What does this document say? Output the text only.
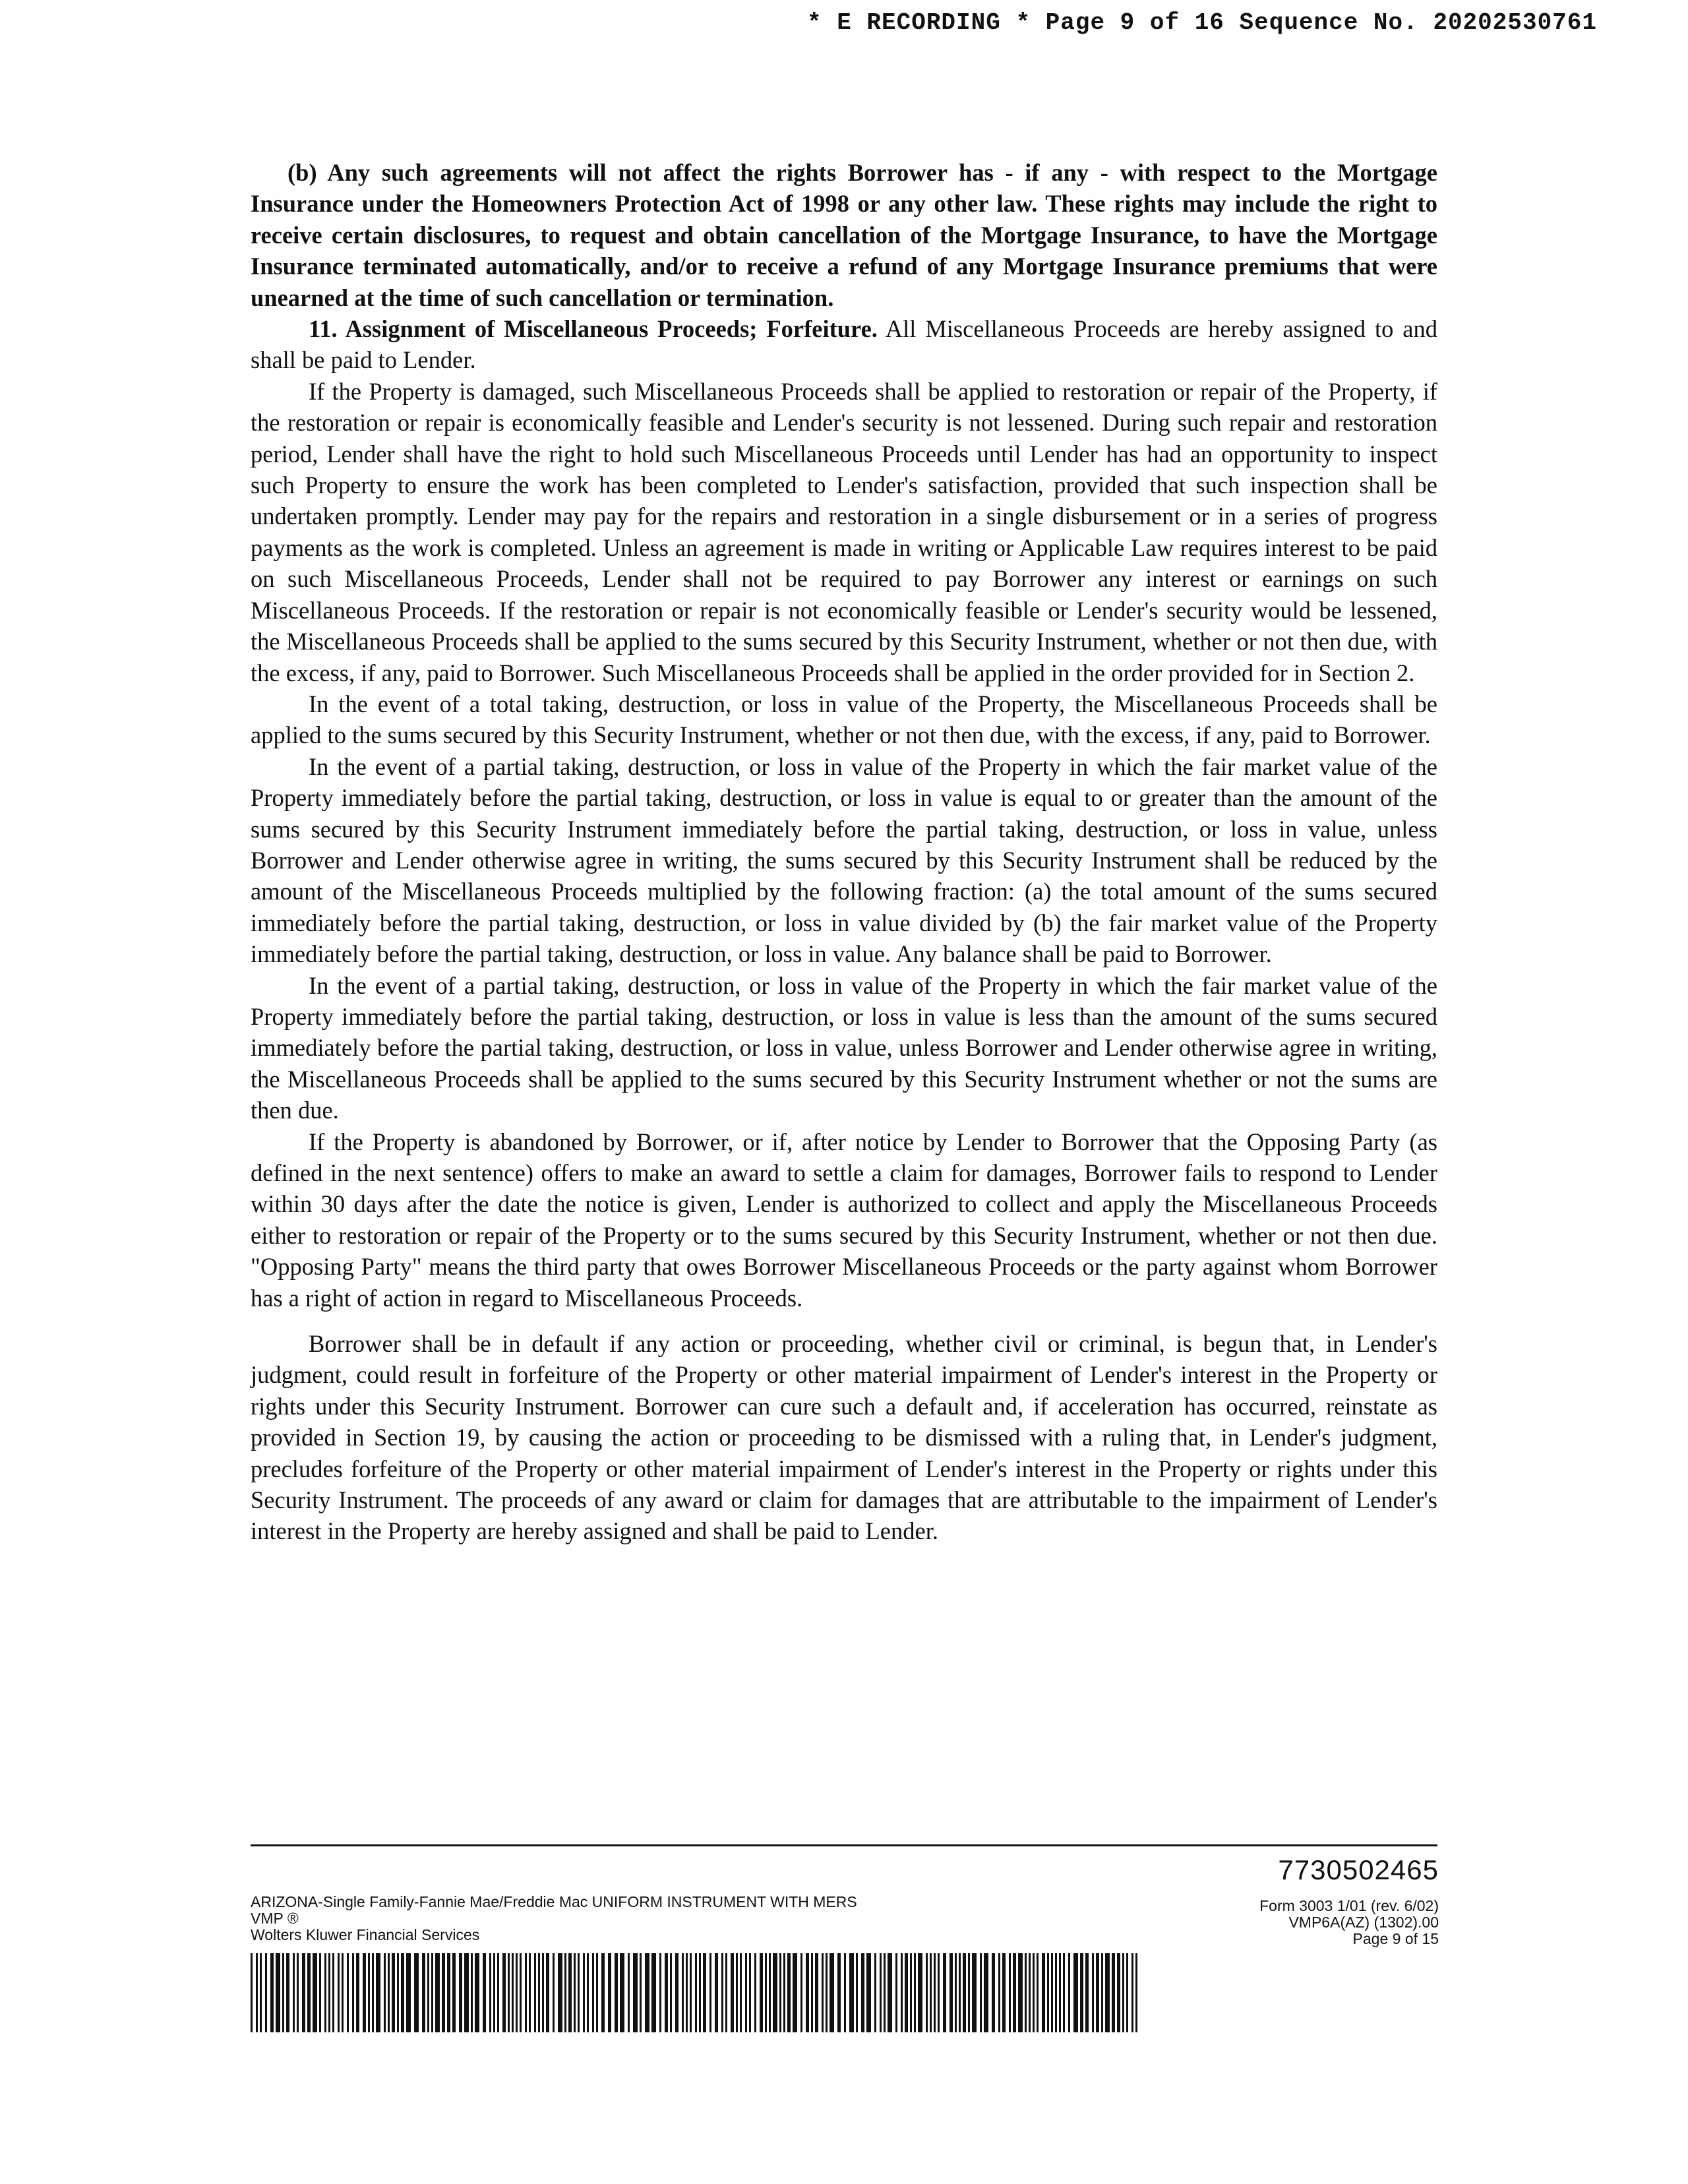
* E RECORDING * Page 9 of 16 Sequence No. 20202530761

(b) Any such agreements will not affect the rights Borrower has - if any - with respect to the Mortgage Insurance under the Homeowners Protection Act of 1998 or any other law. These rights may include the right to receive certain disclosures, to request and obtain cancellation of the Mortgage Insurance, to have the Mortgage Insurance terminated automatically, and/or to receive a refund of any Mortgage Insurance premiums that were unearned at the time of such cancellation or termination.

11. Assignment of Miscellaneous Proceeds; Forfeiture. All Miscellaneous Proceeds are hereby assigned to and shall be paid to Lender.

If the Property is damaged, such Miscellaneous Proceeds shall be applied to restoration or repair of the Property, if the restoration or repair is economically feasible and Lender's security is not lessened. During such repair and restoration period, Lender shall have the right to hold such Miscellaneous Proceeds until Lender has had an opportunity to inspect such Property to ensure the work has been completed to Lender's satisfaction, provided that such inspection shall be undertaken promptly. Lender may pay for the repairs and restoration in a single disbursement or in a series of progress payments as the work is completed. Unless an agreement is made in writing or Applicable Law requires interest to be paid on such Miscellaneous Proceeds, Lender shall not be required to pay Borrower any interest or earnings on such Miscellaneous Proceeds. If the restoration or repair is not economically feasible or Lender's security would be lessened, the Miscellaneous Proceeds shall be applied to the sums secured by this Security Instrument, whether or not then due, with the excess, if any, paid to Borrower. Such Miscellaneous Proceeds shall be applied in the order provided for in Section 2.

In the event of a total taking, destruction, or loss in value of the Property, the Miscellaneous Proceeds shall be applied to the sums secured by this Security Instrument, whether or not then due, with the excess, if any, paid to Borrower.

In the event of a partial taking, destruction, or loss in value of the Property in which the fair market value of the Property immediately before the partial taking, destruction, or loss in value is equal to or greater than the amount of the sums secured by this Security Instrument immediately before the partial taking, destruction, or loss in value, unless Borrower and Lender otherwise agree in writing, the sums secured by this Security Instrument shall be reduced by the amount of the Miscellaneous Proceeds multiplied by the following fraction: (a) the total amount of the sums secured immediately before the partial taking, destruction, or loss in value divided by (b) the fair market value of the Property immediately before the partial taking, destruction, or loss in value. Any balance shall be paid to Borrower.

In the event of a partial taking, destruction, or loss in value of the Property in which the fair market value of the Property immediately before the partial taking, destruction, or loss in value is less than the amount of the sums secured immediately before the partial taking, destruction, or loss in value, unless Borrower and Lender otherwise agree in writing, the Miscellaneous Proceeds shall be applied to the sums secured by this Security Instrument whether or not the sums are then due.

If the Property is abandoned by Borrower, or if, after notice by Lender to Borrower that the Opposing Party (as defined in the next sentence) offers to make an award to settle a claim for damages, Borrower fails to respond to Lender within 30 days after the date the notice is given, Lender is authorized to collect and apply the Miscellaneous Proceeds either to restoration or repair of the Property or to the sums secured by this Security Instrument, whether or not then due. "Opposing Party" means the third party that owes Borrower Miscellaneous Proceeds or the party against whom Borrower has a right of action in regard to Miscellaneous Proceeds.

Borrower shall be in default if any action or proceeding, whether civil or criminal, is begun that, in Lender's judgment, could result in forfeiture of the Property or other material impairment of Lender's interest in the Property or rights under this Security Instrument. Borrower can cure such a default and, if acceleration has occurred, reinstate as provided in Section 19, by causing the action or proceeding to be dismissed with a ruling that, in Lender's judgment, precludes forfeiture of the Property or other material impairment of Lender's interest in the Property or rights under this Security Instrument. The proceeds of any award or claim for damages that are attributable to the impairment of Lender's interest in the Property are hereby assigned and shall be paid to Lender.

7730502465
ARIZONA-Single Family-Fannie Mae/Freddie Mac UNIFORM INSTRUMENT WITH MERS
VMP ®
Wolters Kluwer Financial Services
Form 3003 1/01 (rev. 6/02)
VMP6A(AZ) (1302).00
Page 9 of 15
